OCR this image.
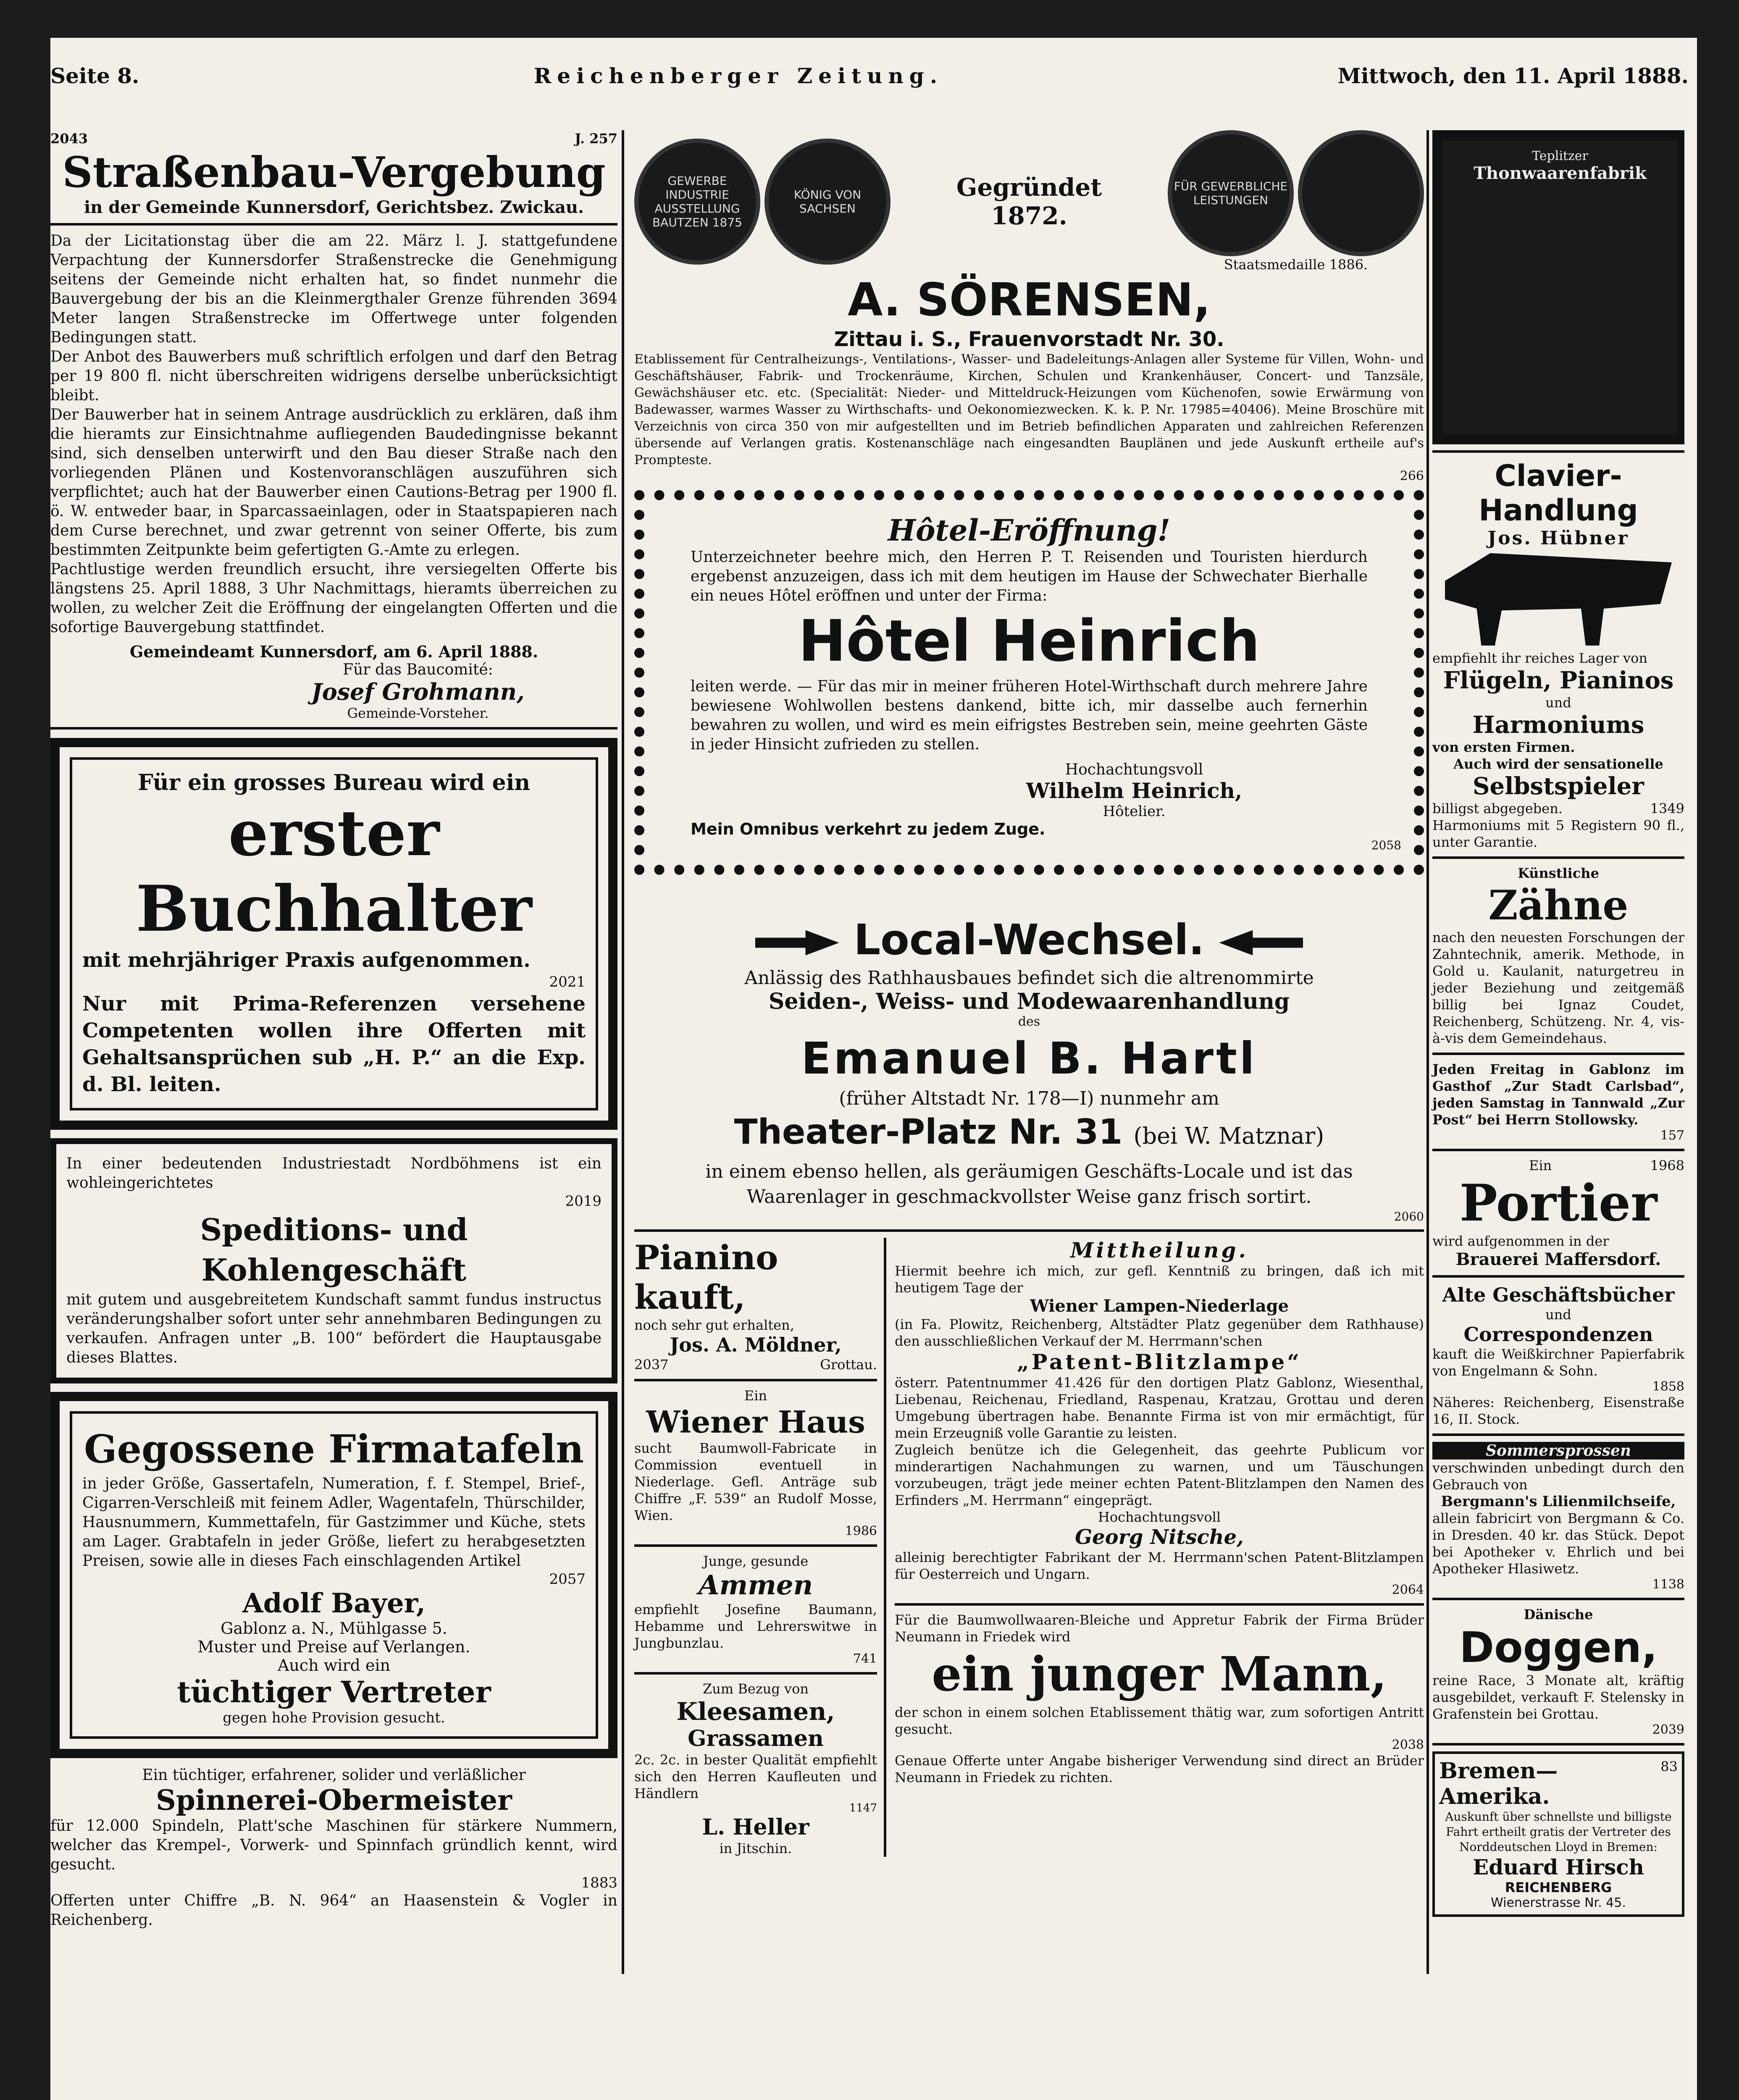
Seite 8.	Reichenberger Zeitung.	Mittwoch, den 11. April 1888.
2043	J. 257
Straßenbau-Vergebung
in der Gemeinde Kunnersdorf, Gerichtsbez. Zwickau.

Da der Licitationstag über die am 22. März l. J. stattgefundene Verpachtung der Kunnersdorfer Straßenstrecke die Genehmigung seitens der Gemeinde nicht erhalten hat, so findet nunmehr die Bauvergebung der bis an die Kleinmergthaler Grenze führenden 3694 Meter langen Straßenstrecke im Offertwege unter folgenden Bedingungen statt.

Der Anbot des Bauwerbers muß schriftlich erfolgen und darf den Betrag per 19 800 fl. nicht überschreiten widrigens derselbe unberücksichtigt bleibt.

Der Bauwerber hat in seinem Antrage ausdrücklich zu erklären, daß ihm die hieramts zur Einsichtnahme aufliegenden Baudedingnisse bekannt sind, sich denselben unterwirft und den Bau dieser Straße nach den vorliegenden Plänen und Kostenvoranschlägen auszuführen sich verpflichtet; auch hat der Bauwerber einen Cautions-Betrag per 1900 fl. ö. W. entweder baar, in Sparcassaeinlagen, oder in Staatspapieren nach dem Curse berechnet, und zwar getrennt von seiner Offerte, bis zum bestimmten Zeitpunkte beim gefertigten G.-Amte zu erlegen.

Pachtlustige werden freundlich ersucht, ihre versiegelten Offerte bis längstens 25. April 1888, 3 Uhr Nachmittags, hieramts überreichen zu wollen, zu welcher Zeit die Eröffnung der eingelangten Offerten und die sofortige Bauvergebung stattfindet.

Gemeindeamt Kunnersdorf, am 6. April 1888.

Für das Baucomité:

Josef Grohmann,

Gemeinde-Vorsteher.

Für ein grosses Bureau wird ein

erster Buchhalter

mit mehrjähriger Praxis aufgenommen.

2021

Nur mit Prima-Referenzen versehene Competenten wollen ihre Offerten mit Gehaltsansprüchen sub „H. P.“ an die Exp. d. Bl. leiten.

In einer bedeutenden Industriestadt Nordböhmens ist ein wohleingerichtetes

2019

Speditions- und Kohlengeschäft

mit gutem und ausgebreitetem Kundschaft sammt fundus instructus veränderungshalber sofort unter sehr annehmbaren Bedingungen zu verkaufen. Anfragen unter „B. 100“ befördert die Hauptausgabe dieses Blattes.

Gegossene Firmatafeln

in jeder Größe, Gassertafeln, Numeration, f. f. Stempel, Brief-, Cigarren-Verschleiß mit feinem Adler, Wagentafeln, Thürschilder, Hausnummern, Kummettafeln, für Gastzimmer und Küche, stets am Lager. Grabtafeln in jeder Größe, liefert zu herabgesetzten Preisen, sowie alle in dieses Fach einschlagenden Artikel

2057

Adolf Bayer,

Gablonz a. N., Mühlgasse 5.

Muster und Preise auf Verlangen.

Auch wird ein

tüchtiger Vertreter

gegen hohe Provision gesucht.

Ein tüchtiger, erfahrener, solider und verläßlicher

Spinnerei-Obermeister

für 12.000 Spindeln, Platt'sche Maschinen für stärkere Nummern, welcher das Krempel-, Vorwerk- und Spinnfach gründlich kennt, wird gesucht.

1883

Offerten unter Chiffre „B. N. 964“ an Haasenstein & Vogler in Reichenberg.

GEWERBE INDUSTRIE AUSSTELLUNG BAUTZEN 1875
KÖNIG VON SACHSEN

Gegründet

1872.

FÜR GEWERBLICHE LEISTUNGEN

Staatsmedaille 1886.

A. SÖRENSEN,

Zittau i. S., Frauenvorstadt Nr. 30.

Etablissement für Centralheizungs-, Ventilations-, Wasser- und Badeleitungs-Anlagen aller Systeme für Villen, Wohn- und Geschäftshäuser, Fabrik- und Trockenräume, Kirchen, Schulen und Krankenhäuser, Concert- und Tanzsäle, Gewächshäuser etc. etc. (Specialität: Nieder- und Mitteldruck-Heizungen vom Küchenofen, sowie Erwärmung von Badewasser, warmes Wasser zu Wirthschafts- und Oekonomiezwecken. K. k. P. Nr. 17985=40406). Meine Broschüre mit Verzeichnis von circa 350 von mir aufgestellten und im Betrieb befindlichen Apparaten und zahlreichen Referenzen übersende auf Verlangen gratis. Kostenanschläge nach eingesandten Bauplänen und jede Auskunft ertheile auf's Prompteste.

266

Hôtel-Eröffnung!

Unterzeichneter beehre mich, den Herren P. T. Reisenden und Touristen hierdurch ergebenst anzuzeigen, dass ich mit dem heutigen im Hause der Schwechater Bierhalle ein neues Hôtel eröffnen und unter der Firma:

Hôtel Heinrich

leiten werde. — Für das mir in meiner früheren Hotel-Wirthschaft durch mehrere Jahre bewiesene Wohlwollen bestens dankend, bitte ich, mir dasselbe auch fernerhin bewahren zu wollen, und wird es mein eifrigstes Bestreben sein, meine geehrten Gäste in jeder Hinsicht zufrieden zu stellen.

Hochachtungsvoll

Wilhelm Heinrich,

Hôtelier.

Mein Omnibus verkehrt zu jedem Zuge.

2058

Local-Wechsel.

Anlässig des Rathhausbaues befindet sich die altrenommirte

Seiden-, Weiss- und Modewaarenhandlung

des

Emanuel B. Hartl

(früher Altstadt Nr. 178—I) nunmehr am

Theater-Platz Nr. 31 (bei W. Matznar)

in einem ebenso hellen, als geräumigen Geschäfts-Locale und ist das Waarenlager in geschmackvollster Weise ganz frisch sortirt.

2060

Pianino kauft,

noch sehr gut erhalten,

Jos. A. Möldner,

2037	Grottau.

Ein

Wiener Haus

sucht Baumwoll-Fabricate in Commission eventuell in Niederlage. Gefl. Anträge sub Chiffre „F. 539“ an Rudolf Mosse, Wien.

1986

Junge, gesunde

Ammen

empfiehlt Josefine Baumann, Hebamme und Lehrerswitwe in Jungbunzlau.

741

Zum Bezug von

Kleesamen,

Grassamen

2c. 2c. in bester Qualität empfiehlt sich den Herren Kaufleuten und Händlern

1147

L. Heller

in Jitschin.

Mittheilung.

Hiermit beehre ich mich, zur gefl. Kenntniß zu bringen, daß ich mit heutigem Tage der

Wiener Lampen-Niederlage

(in Fa. Plowitz, Reichenberg, Altstädter Platz gegenüber dem Rathhause) den ausschließlichen Verkauf der M. Herrmann'schen

„Patent-Blitzlampe“

österr. Patentnummer 41.426 für den dortigen Platz Gablonz, Wiesenthal, Liebenau, Reichenau, Friedland, Raspenau, Kratzau, Grottau und deren Umgebung übertragen habe. Benannte Firma ist von mir ermächtigt, für mein Erzeugniß volle Garantie zu leisten.

Zugleich benütze ich die Gelegenheit, das geehrte Publicum vor minderartigen Nachahmungen zu warnen, und um Täuschungen vorzubeugen, trägt jede meiner echten Patent-Blitzlampen den Namen des Erfinders „M. Herrmann“ eingeprägt.

Hochachtungsvoll

Georg Nitsche,

alleinig berechtigter Fabrikant der M. Herrmann'schen Patent-Blitzlampen für Oesterreich und Ungarn.

2064

Für die Baumwollwaaren-Bleiche und Appretur Fabrik der Firma Brüder Neumann in Friedek wird

ein junger Mann,

der schon in einem solchen Etablissement thätig war, zum sofortigen Antritt gesucht.

2038

Genaue Offerte unter Angabe bisheriger Verwendung sind direct an Brüder Neumann in Friedek zu richten.

Teplitzer

Thonwaarenfabrik

Clavier-Handlung

Jos. Hübner

empfiehlt ihr reiches Lager von

Flügeln, Pianinos

und

Harmoniums

von ersten Firmen.

Auch wird der sensationelle

Selbstspieler

billigst abgegeben.	1349

Harmoniums mit 5 Registern 90 fl., unter Garantie.

Künstliche

Zähne

nach den neuesten Forschungen der Zahntechnik, amerik. Methode, in Gold u. Kaulanit, naturgetreu in jeder Beziehung und zeitgemäß billig bei Ignaz Coudet, Reichenberg, Schützeng. Nr. 4, vis-à-vis dem Gemeindehaus.

Jeden Freitag in Gablonz im Gasthof „Zur Stadt Carlsbad“, jeden Samstag in Tannwald „Zur Post“ bei Herrn Stollowsky.

157

Ein	1968

Portier

wird aufgenommen in der

Brauerei Maffersdorf.

Alte Geschäftsbücher

und

Correspondenzen

kauft die Weißkirchner Papierfabrik von Engelmann & Sohn.

1858

Näheres: Reichenberg, Eisenstraße 16, II. Stock.

Sommersprossen

verschwinden unbedingt durch den Gebrauch von

Bergmann's Lilienmilchseife,

allein fabricirt von Bergmann & Co. in Dresden. 40 kr. das Stück. Depot bei Apotheker v. Ehrlich und bei Apotheker Hlasiwetz.

1138

Dänische

Doggen,

reine Race, 3 Monate alt, kräftig ausgebildet, verkauft F. Stelensky in Grafenstein bei Grottau.

2039

Bremen—Amerika.
83

Auskunft über schnellste und billigste Fahrt ertheilt gratis der Vertreter des Norddeutschen Lloyd in Bremen:

Eduard Hirsch

REICHENBERG

Wienerstrasse Nr. 45.
